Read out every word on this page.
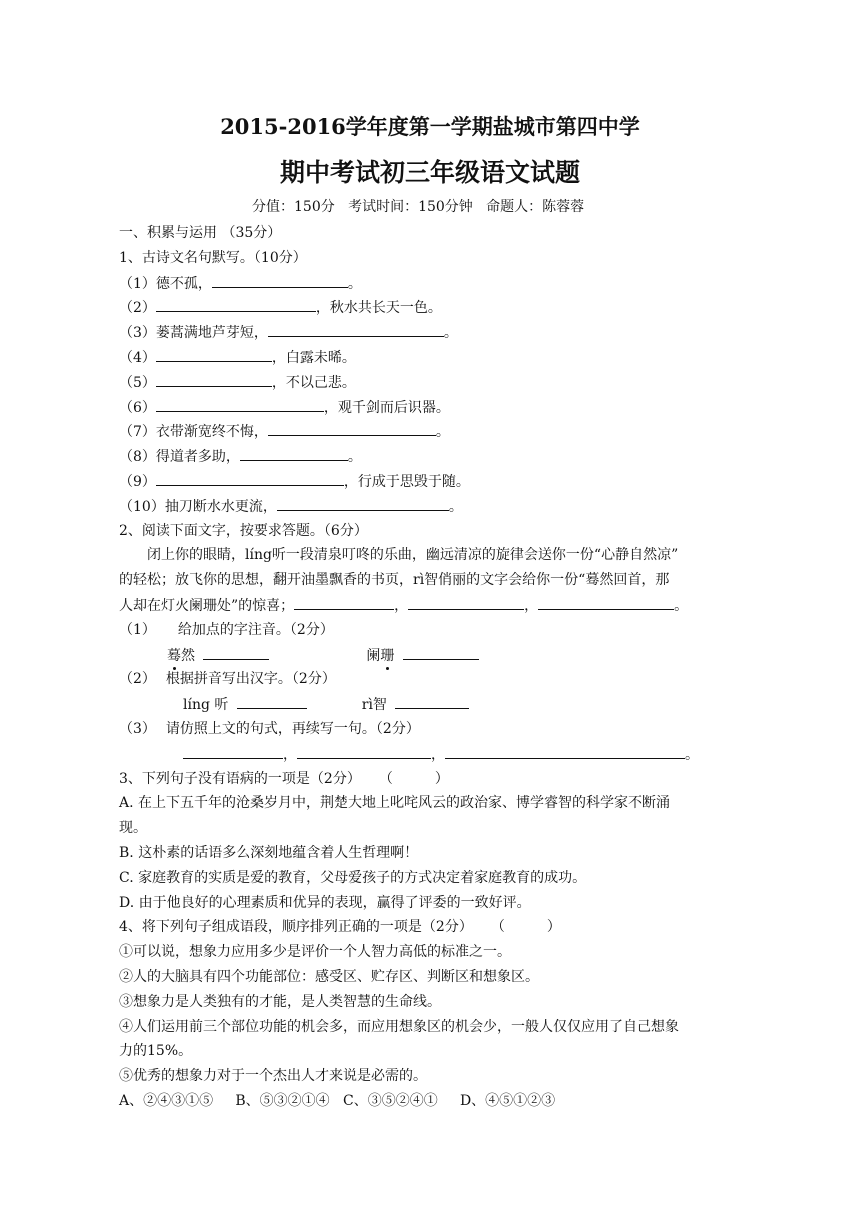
2015-2016学年度第一学期盐城市第四中学
期中考试初三年级语文试题
分值：150分   考试时间：150分钟   命题人：陈蓉蓉
一、积累与运用 （35分）
1、古诗文名句默写。（10分）
（1）德不孤，	。
（2）	，秋水共长天一色。
（3）蒌蒿满地芦芽短，	。
（4）	，白露未晞。
（5）	，不以己悲。
（6）	，观千剑而后识器。
（7）衣带渐宽终不悔，	。
（8）得道者多助，	。
（9）	，行成于思毁于随。
（10）抽刀断水水更流，	。
2、阅读下面文字，按要求答题。（6分）
闭上你的眼睛，líng听一段清泉叮咚的乐曲，幽远清凉的旋律会送你一份“心静自然凉”
的轻松；放飞你的思想，翻开油墨飘香的书页，rì智俏丽的文字会给你一份“蓦然回首，那
人却在灯火阑珊处”的惊喜；	，	，	。
（1） 给加点的字注音。（2分）
蓦然	阑珊
（2） 根据拼音写出汉字。（2分）
líng 听	rì智
（3） 请仿照上文的句式，再续写一句。（2分）
，	，	。
3、下列句子没有语病的一项是（2分） （　　　）
A. 在上下五千年的沧桑岁月中，荆楚大地上叱咤风云的政治家、博学睿智的科学家不断涌
现。
B. 这朴素的话语多么深刻地蕴含着人生哲理啊！
C. 家庭教育的实质是爱的教育，父母爱孩子的方式决定着家庭教育的成功。
D. 由于他良好的心理素质和优异的表现，赢得了评委的一致好评。
4、将下列句子组成语段，顺序排列正确的一项是（2分） （　　　）
①可以说，想象力应用多少是评价一个人智力高低的标准之一。
②人的大脑具有四个功能部位：感受区、贮存区、判断区和想象区。
③想象力是人类独有的才能，是人类智慧的生命线。
④人们运用前三个部位功能的机会多，而应用想象区的机会少，一般人仅仅应用了自己想象
力的15%。
⑤优秀的想象力对于一个杰出人才来说是必需的。
A、②④③①⑤     B、⑤③②①④   C、③⑤②④①     D、④⑤①②③
